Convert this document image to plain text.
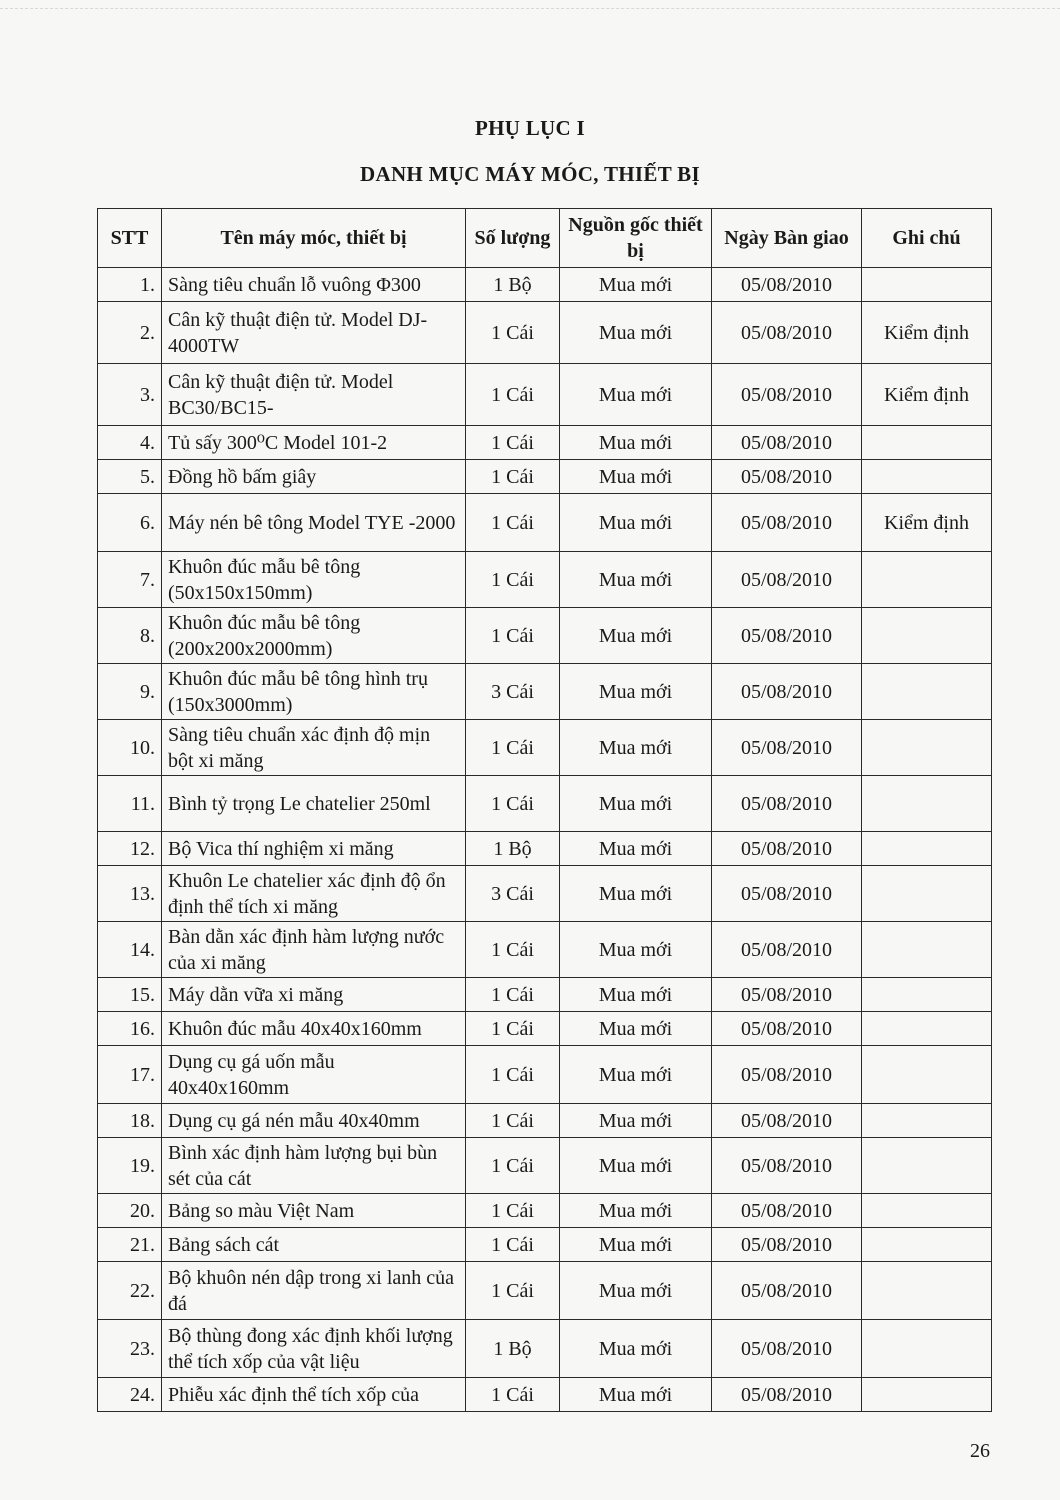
PHỤ LỤC I
DANH MỤC MÁY MÓC, THIẾT BỊ
STT	Tên máy móc, thiết bị	Số lượng	Nguồn gốc thiết bị	Ngày Bàn giao	Ghi chú
1.	Sàng tiêu chuẩn lỗ vuông Φ300	1 Bộ	Mua mới	05/08/2010	
2.	Cân kỹ thuật điện tử. Model DJ-4000TW	1 Cái	Mua mới	05/08/2010	Kiểm định
3.	Cân kỹ thuật điện tử. Model BC30/BC15-	1 Cái	Mua mới	05/08/2010	Kiểm định
4.	Tủ sấy 300⁰C Model 101-2	1 Cái	Mua mới	05/08/2010	
5.	Đồng hồ bấm giây	1 Cái	Mua mới	05/08/2010	
6.	Máy nén bê tông Model TYE -2000	1 Cái	Mua mới	05/08/2010	Kiểm định
7.	Khuôn đúc mẫu bê tông (50x150x150mm)	1 Cái	Mua mới	05/08/2010	
8.	Khuôn đúc mẫu bê tông (200x200x2000mm)	1 Cái	Mua mới	05/08/2010	
9.	Khuôn đúc mẫu bê tông hình trụ (150x3000mm)	3 Cái	Mua mới	05/08/2010	
10.	Sàng tiêu chuẩn xác định độ mịn bột xi măng	1 Cái	Mua mới	05/08/2010	
11.	Bình tỷ trọng Le chatelier 250ml	1 Cái	Mua mới	05/08/2010	
12.	Bộ Vica thí nghiệm xi măng	1 Bộ	Mua mới	05/08/2010	
13.	Khuôn Le chatelier xác định độ ổn định thể tích xi măng	3 Cái	Mua mới	05/08/2010	
14.	Bàn dằn xác định hàm lượng nước của xi măng	1 Cái	Mua mới	05/08/2010	
15.	Máy dằn vữa xi măng	1 Cái	Mua mới	05/08/2010	
16.	Khuôn đúc mẫu 40x40x160mm	1 Cái	Mua mới	05/08/2010	
17.	Dụng cụ gá uốn mẫu 40x40x160mm	1 Cái	Mua mới	05/08/2010	
18.	Dụng cụ gá nén mẫu 40x40mm	1 Cái	Mua mới	05/08/2010	
19.	Bình xác định hàm lượng bụi bùn sét của cát	1 Cái	Mua mới	05/08/2010	
20.	Bảng so màu Việt Nam	1 Cái	Mua mới	05/08/2010	
21.	Bảng sách cát	1 Cái	Mua mới	05/08/2010	
22.	Bộ khuôn nén dập trong xi lanh của đá	1 Cái	Mua mới	05/08/2010	
23.	Bộ thùng đong xác định khối lượng thể tích xốp của vật liệu	1 Bộ	Mua mới	05/08/2010	
24.	Phiễu xác định thể tích xốp của	1 Cái	Mua mới	05/08/2010	
26
